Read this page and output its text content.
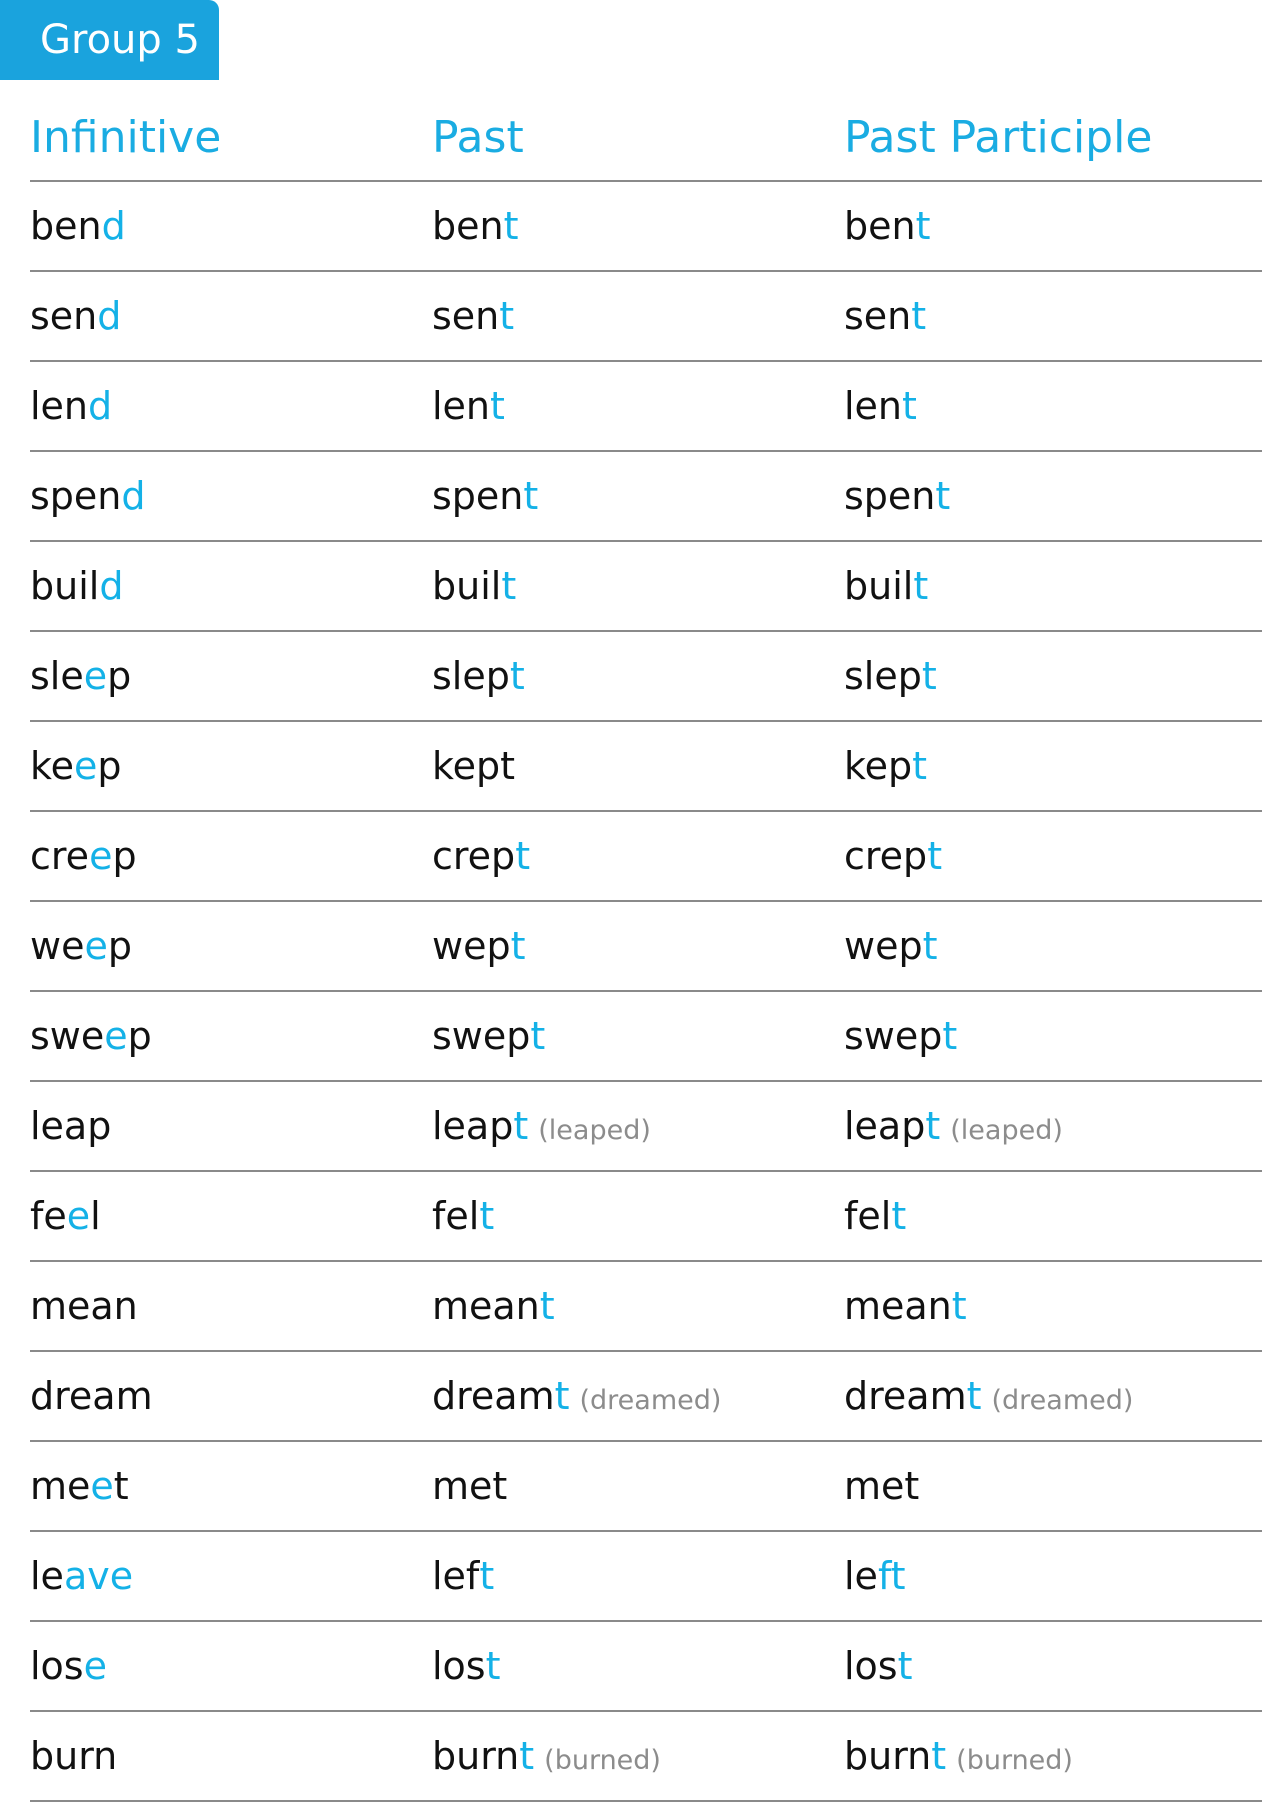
Group 5
Infinitive	Past	Past Participle
ben d	ben t	ben t
sen d	sen t	sen t
len d	len t	len t
spen d	spen t	spen t
buil d	buil t	buil t
sle e p	slep t	slep t
ke e p	kept	kep t
cre e p	crep t	crep t
we e p	wep t	wep t
swe e p	swep t	swep t
leap	leap t (leaped)	leap t (leaped)
fe e l	fel t	fel t
mean	mean t	mean t
dream	dream t (dreamed)	dream t (dreamed)
me e t	met	met
le ave	lef t	le ft
los e	los t	los t
burn	burn t (burned)	burn t (burned)
